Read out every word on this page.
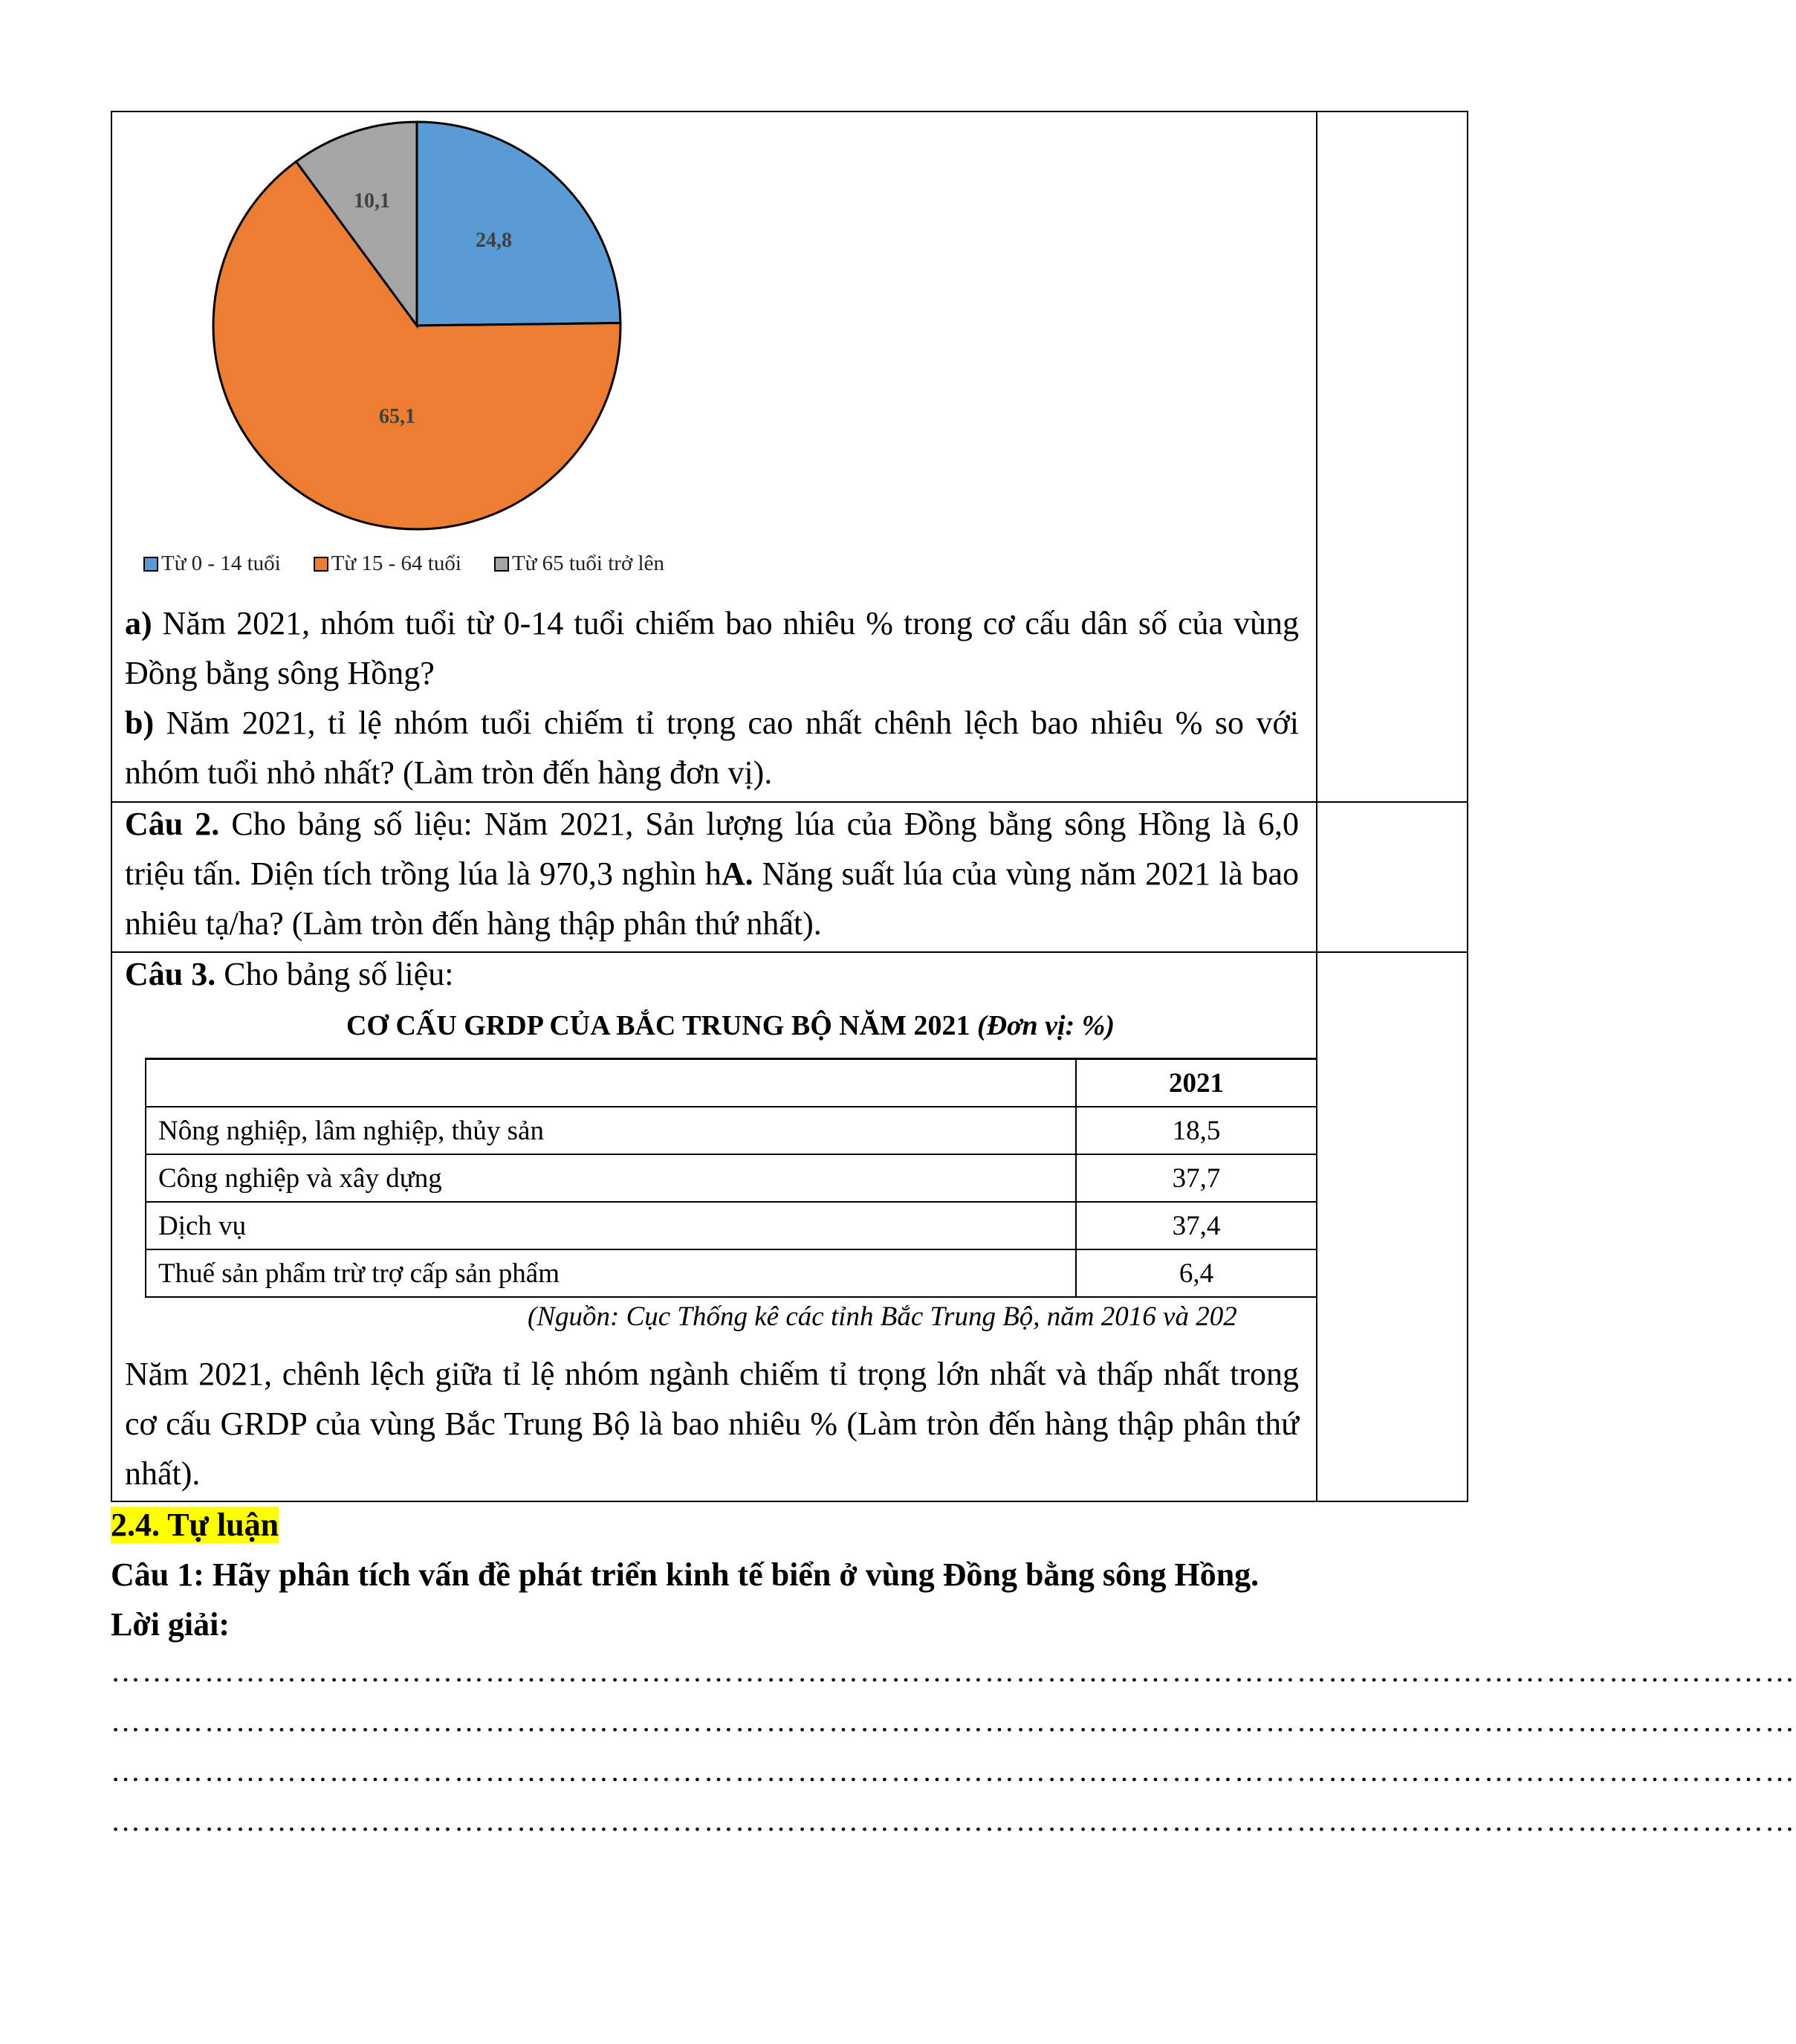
24,8
65,1
10,1
Từ 0 - 14 tuổi	Từ 15 - 64 tuổi	Từ 65 tuổi trở lên
a) Năm 2021, nhóm tuổi từ 0-14 tuổi chiếm bao nhiêu % trong cơ cấu dân số của vùng Đồng bằng sông Hồng?
b) Năm 2021, tỉ lệ nhóm tuổi chiếm tỉ trọng cao nhất chênh lệch bao nhiêu % so với nhóm tuổi nhỏ nhất? (Làm tròn đến hàng đơn vị).
Câu 2. Cho bảng số liệu: Năm 2021, Sản lượng lúa của Đồng bằng sông Hồng là 6,0 triệu tấn. Diện tích trồng lúa là 970,3 nghìn hA. Năng suất lúa của vùng năm 2021 là bao nhiêu tạ/ha? (Làm tròn đến hàng thập phân thứ nhất).
Câu 3. Cho bảng số liệu:
CƠ CẤU GRDP CỦA BẮC TRUNG BỘ NĂM 2021 (Đơn vị: %)
	2021
Nông nghiệp, lâm nghiệp, thủy sản	18,5
Công nghiệp và xây dựng	37,7
Dịch vụ	37,4
Thuế sản phẩm trừ trợ cấp sản phẩm	6,4
(Nguồn: Cục Thống kê các tỉnh Bắc Trung Bộ, năm 2016 và 202
Năm 2021, chênh lệch giữa tỉ lệ nhóm ngành chiếm tỉ trọng lớn nhất và thấp nhất trong cơ cấu GRDP của vùng Bắc Trung Bộ là bao nhiêu % (Làm tròn đến hàng thập phân thứ nhất).
2.4. Tự luận
Câu 1: Hãy phân tích vấn đề phát triển kinh tế biển ở vùng Đồng bằng sông Hồng.
Lời giải:
………………………………………………………………………………………………………………………………………………
………………………………………………………………………………………………………………………………………………
………………………………………………………………………………………………………………………………………………
………………………………………………………………………………………………………………………………………………
